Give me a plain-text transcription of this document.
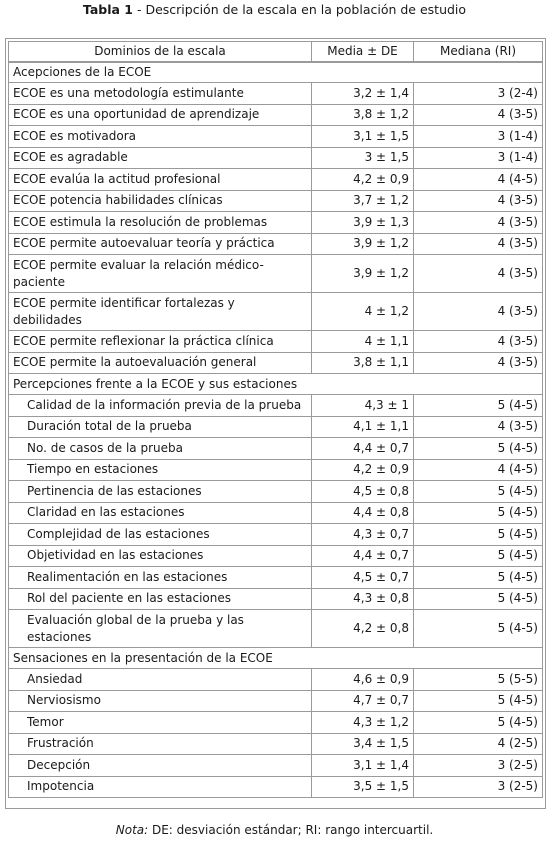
Tabla 1 - Descripción de la escala en la población de estudio
Dominios de la escala	Media ± DE	Mediana (RI)
Acepciones de la ECOE		
ECOE es una metodología estimulante	3,2 ± 1,4	3 (2-4)
ECOE es una oportunidad de aprendizaje	3,8 ± 1,2	4 (3-5)
ECOE es motivadora	3,1 ± 1,5	3 (1-4)
ECOE es agradable	3 ± 1,5	3 (1-4)
ECOE evalúa la actitud profesional	4,2 ± 0,9	4 (4-5)
ECOE potencia habilidades clínicas	3,7 ± 1,2	4 (3-5)
ECOE estimula la resolución de problemas	3,9 ± 1,3	4 (3-5)
ECOE permite autoevaluar teoría y práctica	3,9 ± 1,2	4 (3-5)
ECOE permite evaluar la relación médico-paciente	3,9 ± 1,2	4 (3-5)
ECOE permite identificar fortalezas y debilidades	4 ± 1,2	4 (3-5)
ECOE permite reflexionar la práctica clínica	4 ± 1,1	4 (3-5)
ECOE permite la autoevaluación general	3,8 ± 1,1	4 (3-5)
Percepciones frente a la ECOE y sus estaciones		
Calidad de la información previa de la prueba	4,3 ± 1	5 (4-5)
Duración total de la prueba	4,1 ± 1,1	4 (3-5)
No. de casos de la prueba	4,4 ± 0,7	5 (4-5)
Tiempo en estaciones	4,2 ± 0,9	4 (4-5)
Pertinencia de las estaciones	4,5 ± 0,8	5 (4-5)
Claridad en las estaciones	4,4 ± 0,8	5 (4-5)
Complejidad de las estaciones	4,3 ± 0,7	5 (4-5)
Objetividad en las estaciones	4,4 ± 0,7	5 (4-5)
Realimentación en las estaciones	4,5 ± 0,7	5 (4-5)
Rol del paciente en las estaciones	4,3 ± 0,8	5 (4-5)
Evaluación global de la prueba y las estaciones	4,2 ± 0,8	5 (4-5)
Sensaciones en la presentación de la ECOE		
Ansiedad	4,6 ± 0,9	5 (5-5)
Nerviosismo	4,7 ± 0,7	5 (4-5)
Temor	4,3 ± 1,2	5 (4-5)
Frustración	3,4 ± 1,5	4 (2-5)
Decepción	3,1 ± 1,4	3 (2-5)
Impotencia	3,5 ± 1,5	3 (2-5)
Nota: DE: desviación estándar; RI: rango intercuartil.
